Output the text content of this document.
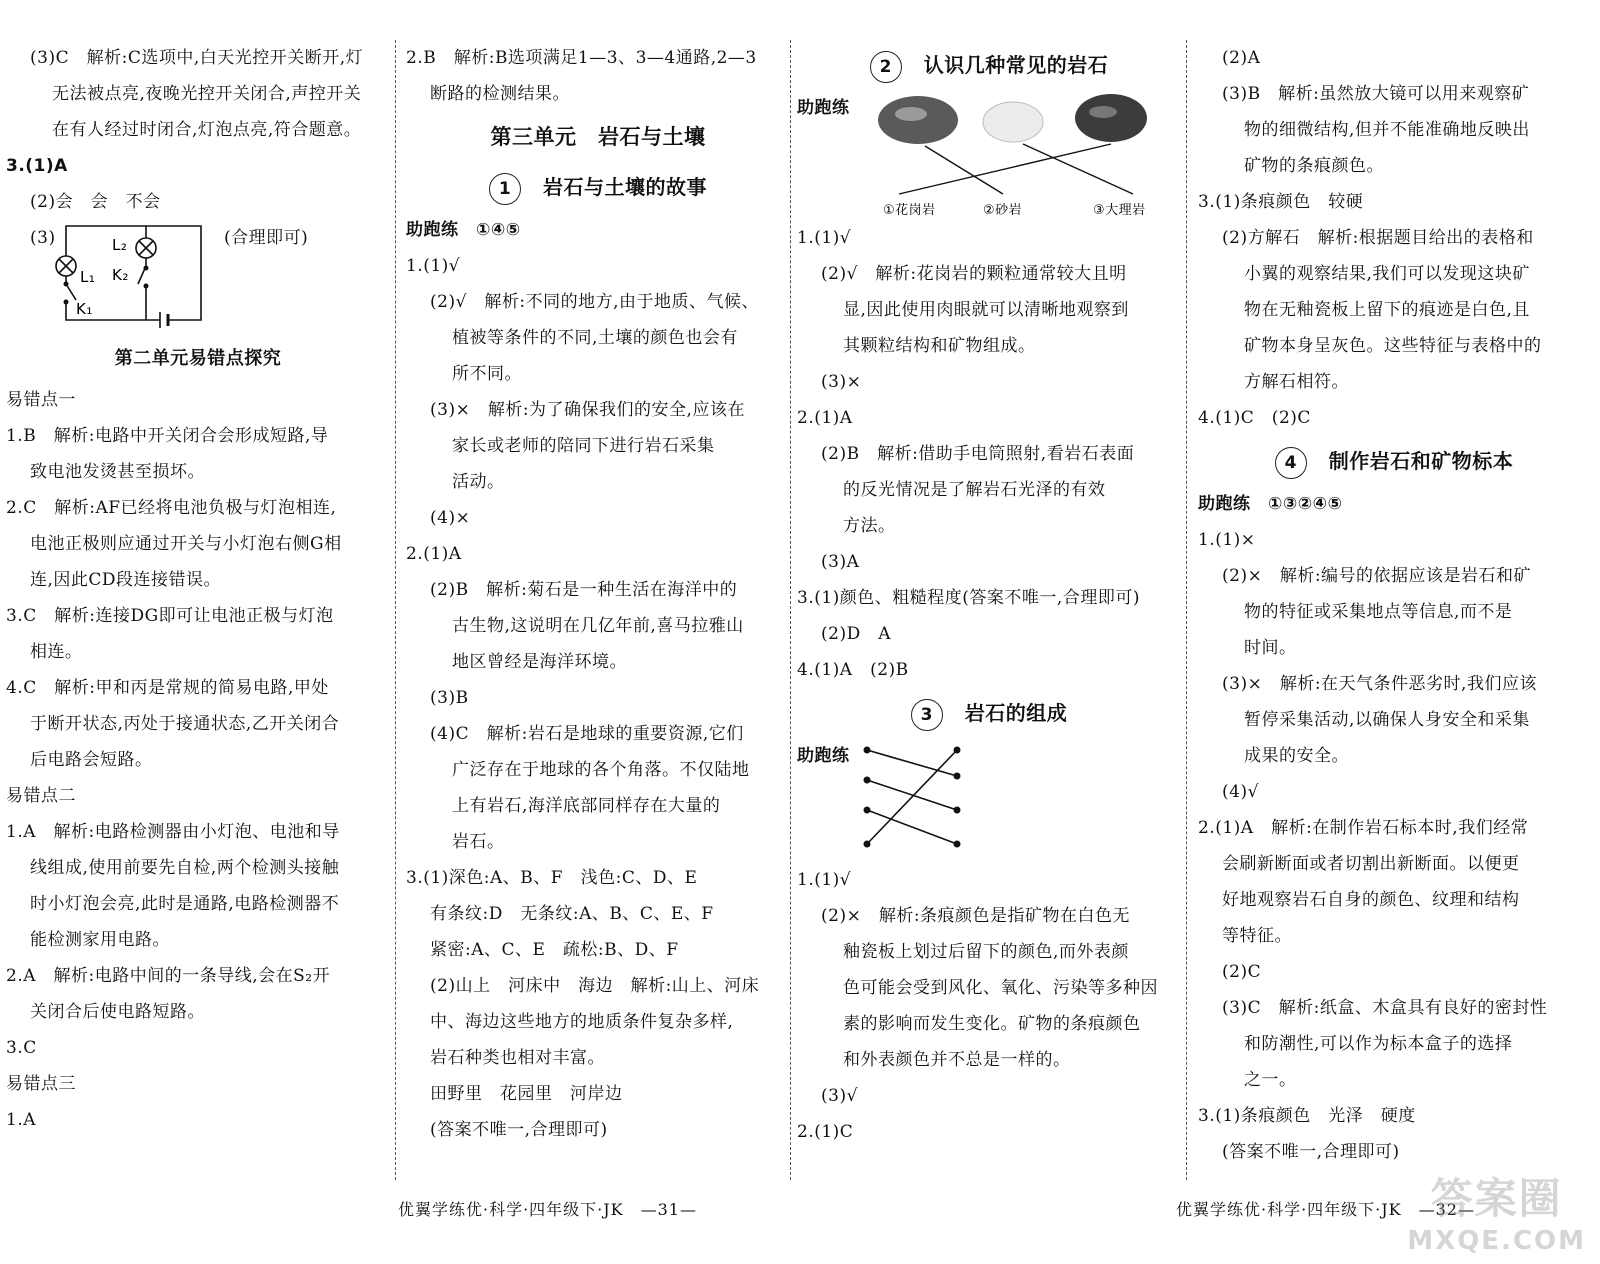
(3)C　解析:C选项中,白天光控开关断开,灯
无法被点亮,夜晚光控开关闭合,声控开关
在有人经过时闭合,灯泡点亮,符合题意。
3.(1)A
(2)会　会　不会
(3)	(合理即可)
L₁
K₁
L₂
K₂
第二单元易错点探究
易错点一
1.B　解析:电路中开关闭合会形成短路,导
致电池发烫甚至损坏。
2.C　解析:AF已经将电池负极与灯泡相连,
电池正极则应通过开关与小灯泡右侧G相
连,因此CD段连接错误。
3.C　解析:连接DG即可让电池正极与灯泡
相连。
4.C　解析:甲和丙是常规的简易电路,甲处
于断开状态,丙处于接通状态,乙开关闭合
后电路会短路。
易错点二
1.A　解析:电路检测器由小灯泡、电池和导
线组成,使用前要先自检,两个检测头接触
时小灯泡会亮,此时是通路,电路检测器不
能检测家用电路。
2.A　解析:电路中间的一条导线,会在S₂开
关闭合后使电路短路。
3.C
易错点三
1.A
2.B　解析:B选项满足1—3、3—4通路,2—3
断路的检测结果。
第三单元　岩石与土壤
1 岩石与土壤的故事
助跑练　①④⑤
1.(1)√
(2)√　解析:不同的地方,由于地质、气候、
植被等条件的不同,土壤的颜色也会有
所不同。
(3)×　解析:为了确保我们的安全,应该在
家长或老师的陪同下进行岩石采集
活动。
(4)×
2.(1)A
(2)B　解析:菊石是一种生活在海洋中的
古生物,这说明在几亿年前,喜马拉雅山
地区曾经是海洋环境。
(3)B
(4)C　解析:岩石是地球的重要资源,它们
广泛存在于地球的各个角落。不仅陆地
上有岩石,海洋底部同样存在大量的
岩石。
3.(1)深色:A、B、F　浅色:C、D、E
有条纹:D　无条纹:A、B、C、E、F
紧密:A、C、E　疏松:B、D、F
(2)山上　河床中　海边　解析:山上、河床
中、海边这些地方的地质条件复杂多样,
岩石种类也相对丰富。
田野里　花园里　河岸边
(答案不唯一,合理即可)
2 认识几种常见的岩石
助跑练
①花岗岩	②砂岩	③大理岩
1.(1)√
(2)√　解析:花岗岩的颗粒通常较大且明
显,因此使用肉眼就可以清晰地观察到
其颗粒结构和矿物组成。
(3)×
2.(1)A
(2)B　解析:借助手电筒照射,看岩石表面
的反光情况是了解岩石光泽的有效
方法。
(3)A
3.(1)颜色、粗糙程度(答案不唯一,合理即可)
(2)D　A
4.(1)A　(2)B
3 岩石的组成
助跑练
1.(1)√
(2)×　解析:条痕颜色是指矿物在白色无
釉瓷板上划过后留下的颜色,而外表颜
色可能会受到风化、氧化、污染等多种因
素的影响而发生变化。矿物的条痕颜色
和外表颜色并不总是一样的。
(3)√
2.(1)C
(2)A
(3)B　解析:虽然放大镜可以用来观察矿
物的细微结构,但并不能准确地反映出
矿物的条痕颜色。
3.(1)条痕颜色　较硬
(2)方解石　解析:根据题目给出的表格和
小翼的观察结果,我们可以发现这块矿
物在无釉瓷板上留下的痕迹是白色,且
矿物本身呈灰色。这些特征与表格中的
方解石相符。
4.(1)C　(2)C
4 制作岩石和矿物标本
助跑练　①③②④⑤
1.(1)×
(2)×　解析:编号的依据应该是岩石和矿
物的特征或采集地点等信息,而不是
时间。
(3)×　解析:在天气条件恶劣时,我们应该
暂停采集活动,以确保人身安全和采集
成果的安全。
(4)√
2.(1)A　解析:在制作岩石标本时,我们经常
会刷新断面或者切割出新断面。以便更
好地观察岩石自身的颜色、纹理和结构
等特征。
(2)C
(3)C　解析:纸盒、木盒具有良好的密封性
和防潮性,可以作为标本盒子的选择
之一。
3.(1)条痕颜色　光泽　硬度
(答案不唯一,合理即可)
优翼学练优·科学·四年级下·JK　—31—	优翼学练优·科学·四年级下·JK　—32—
答案圈
MXQE.COM
